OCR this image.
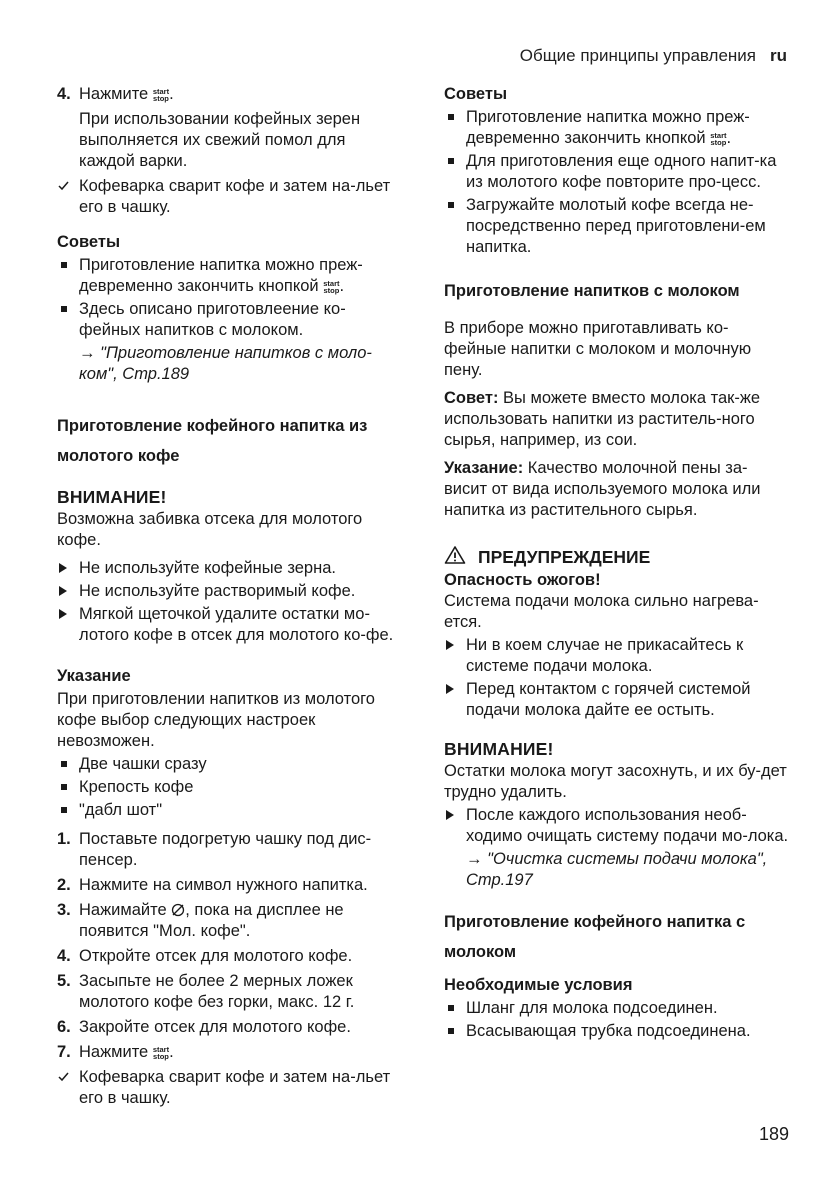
Общие принципы управления ru
4. Нажмите start
stop .

При использовании кофейных зерен выполняется их свежий помол для каждой варки.

Кофеварка сварит кофе и затем на-льет его в чашку.
Советы
Приготовление напитка можно преж-девременно закончить кнопкой start
stop .
Здесь описано приготовлеение ко-фейных напитков с молоком.
→ "Приготовление напитков с моло-ком", Стр.189
Приготовление кофейного напитка из молотого кофе
ВНИМАНИЕ!

Возможна забивка отсека для молотого кофе.

Не используйте кофейные зерна.
Не используйте растворимый кофе.
Мягкой щеточкой удалите остатки мо-лотого кофе в отсек для молотого ко-фе.
Указание

При приготовлении напитков из молотого кофе выбор следующих настроек невозможен.

Две чашки сразу
Крепость кофе
"дабл шот"
1. Поставьте подогретую чашку под дис-пенсер.
2. Нажмите на символ нужного напитка.
3. Нажимайте , пока на дисплее не появится "Мол. кофе".
4. Откройте отсек для молотого кофе.
5. Засыпьте не более 2 мерных ложек молотого кофе без горки, макс. 12 г.
6. Закройте отсек для молотого кофе.
7. Нажмите start
stop .
Кофеварка сварит кофе и затем на-льет его в чашку.
Советы
Приготовление напитка можно преж-девременно закончить кнопкой start
stop .
Для приготовления еще одного напит-ка из молотого кофе повторите про-цесс.
Загружайте молотый кофе всегда не-посредственно перед приготовлени-ем напитка.
Приготовление напитков с молоком

В приборе можно приготавливать ко-фейные напитки с молоком и молочную пену.

Совет: Вы можете вместо молока так-же использовать напитки из раститель-ного сырья, например, из сои.

Указание: Качество молочной пены за-висит от вида используемого молока или напитка из растительного сырья.

ПРЕДУПРЕЖДЕНИЕ
Опасность ожогов!

Система подачи молока сильно нагрева-ется.

Ни в коем случае не прикасайтесь к системе подачи молока.
Перед контактом с горячей системой подачи молока дайте ее остыть.
ВНИМАНИЕ!

Остатки молока могут засохнуть, и их бу-дет трудно удалить.

После каждого использования необ-ходимо очищать систему подачи мо-лока.
→ "Очистка системы подачи молока", Стр.197
Приготовление кофейного напитка с молоком
Необходимые условия
Шланг для молока подсоединен.
Всасывающая трубка подсоединена.
189
